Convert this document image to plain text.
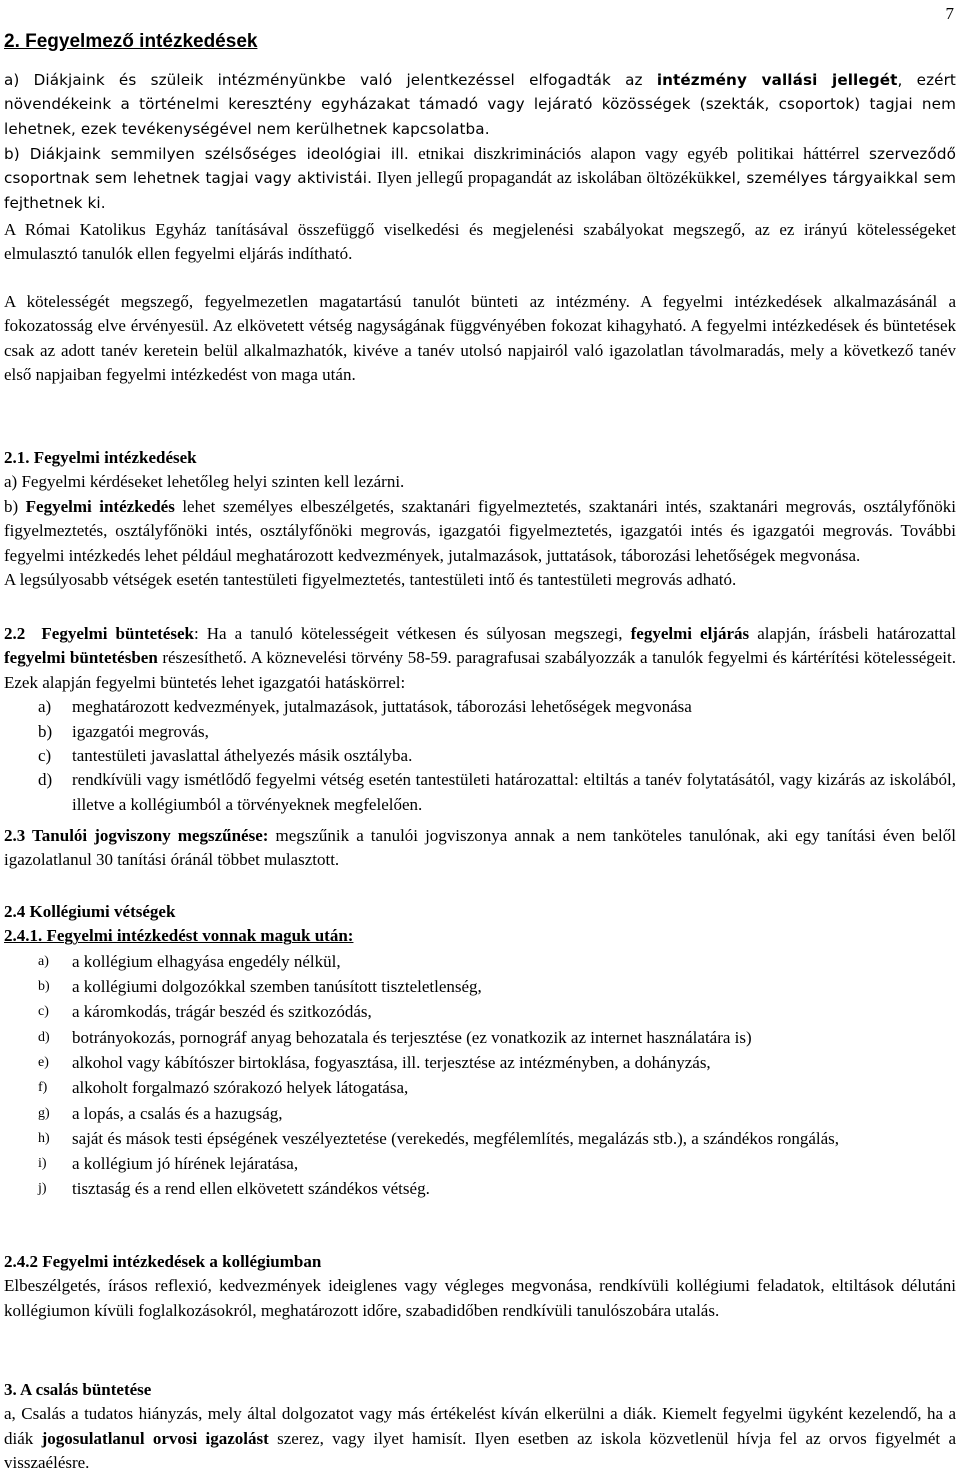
7
2. Fegyelmező intézkedések

a) Diákjaink és szüleik intézményünkbe való jelentkezéssel elfogadták az intézmény vallási jellegét, ezért növendékeink a történelmi keresztény egyházakat támadó vagy lejárató közösségek (szekták, csoportok) tagjai nem lehetnek, ezek tevékenységével nem kerülhetnek kapcsolatba.

b) Diákjaink semmilyen szélsőséges ideológiai ill. etnikai diszkriminációs alapon vagy egyéb politikai háttérrel szerveződő csoportnak sem lehetnek tagjai vagy aktivistái. Ilyen jellegű propagandát az iskolában öltözékükkel, személyes tárgyaikkal sem fejthetnek ki.

A Római Katolikus Egyház tanításával összefüggő viselkedési és megjelenési szabályokat megszegő, az ez irányú kötelességeket elmulasztó tanulók ellen fegyelmi eljárás indítható.

A kötelességét megszegő, fegyelmezetlen magatartású tanulót bünteti az intézmény. A fegyelmi intézkedések alkalmazásánál a fokozatosság elve érvényesül. Az elkövetett vétség nagyságának függvényében fokozat kihagyható. A fegyelmi intézkedések és büntetések csak az adott tanév keretein belül alkalmazhatók, kivéve a tanév utolsó napjairól való igazolatlan távolmaradás, mely a következő tanév első napjaiban fegyelmi intézkedést von maga után.

2.1. Fegyelmi intézkedések

a) Fegyelmi kérdéseket lehetőleg helyi szinten kell lezárni.

b) Fegyelmi intézkedés lehet személyes elbeszélgetés, szaktanári figyelmeztetés, szaktanári intés, szaktanári megrovás, osztályfőnöki figyelmeztetés, osztályfőnöki intés, osztályfőnöki megrovás, igazgatói figyelmeztetés, igazgatói intés és igazgatói megrovás. További fegyelmi intézkedés lehet például meghatározott kedvezmények, jutalmazások, juttatások, táborozási lehetőségek megvonása.

A legsúlyosabb vétségek esetén tantestületi figyelmeztetés, tantestületi intő és tantestületi megrovás adható.

2.2 Fegyelmi büntetések: Ha a tanuló kötelességeit vétkesen és súlyosan megszegi, fegyelmi eljárás alapján, írásbeli határozattal fegyelmi büntetésben részesíthető. A köznevelési törvény 58-59. paragrafusai szabályozzák a tanulók fegyelmi és kártérítési kötelességeit. Ezek alapján fegyelmi büntetés lehet igazgatói hatáskörrel:

a) meghatározott kedvezmények, jutalmazások, juttatások, táborozási lehetőségek megvonása
b) igazgatói megrovás,
c) tantestületi javaslattal áthelyezés másik osztályba.
d) rendkívüli vagy ismétlődő fegyelmi vétség esetén tantestületi határozattal: eltiltás a tanév folytatásától, vagy kizárás az iskolából, illetve a kollégiumból a törvényeknek megfelelően.

2.3 Tanulói jogviszony megszűnése: megszűnik a tanulói jogviszonya annak a nem tanköteles tanulónak, aki egy tanítási éven belől igazolatlanul 30 tanítási óránál többet mulasztott.

2.4 Kollégiumi vétségek

2.4.1. Fegyelmi intézkedést vonnak maguk után:

a) a kollégium elhagyása engedély nélkül,
b) a kollégiumi dolgozókkal szemben tanúsított tiszteletlenség,
c) a káromkodás, trágár beszéd és szitkozódás,
d) botrányokozás, pornográf anyag behozatala és terjesztése (ez vonatkozik az internet használatára is)
e) alkohol vagy kábítószer birtoklása, fogyasztása, ill. terjesztése az intézményben, a dohányzás,
f) alkoholt forgalmazó szórakozó helyek látogatása,
g) a lopás, a csalás és a hazugság,
h) saját és mások testi épségének veszélyeztetése (verekedés, megfélemlítés, megalázás stb.), a szándékos rongálás,
i) a kollégium jó hírének lejáratása,
j) tisztaság és a rend ellen elkövetett szándékos vétség.

2.4.2 Fegyelmi intézkedések a kollégiumban

Elbeszélgetés, írásos reflexió, kedvezmények ideiglenes vagy végleges megvonása, rendkívüli kollégiumi feladatok, eltiltások délutáni kollégiumon kívüli foglalkozásokról, meghatározott időre, szabadidőben rendkívüli tanulószobára utalás.

3. A csalás büntetése

a, Csalás a tudatos hiányzás, mely által dolgozatot vagy más értékelést kíván elkerülni a diák. Kiemelt fegyelmi ügyként kezelendő, ha a diák jogosulatlanul orvosi igazolást szerez, vagy ilyet hamisít. Ilyen esetben az iskola közvetlenül hívja fel az orvos figyelmét a visszaélésre.
